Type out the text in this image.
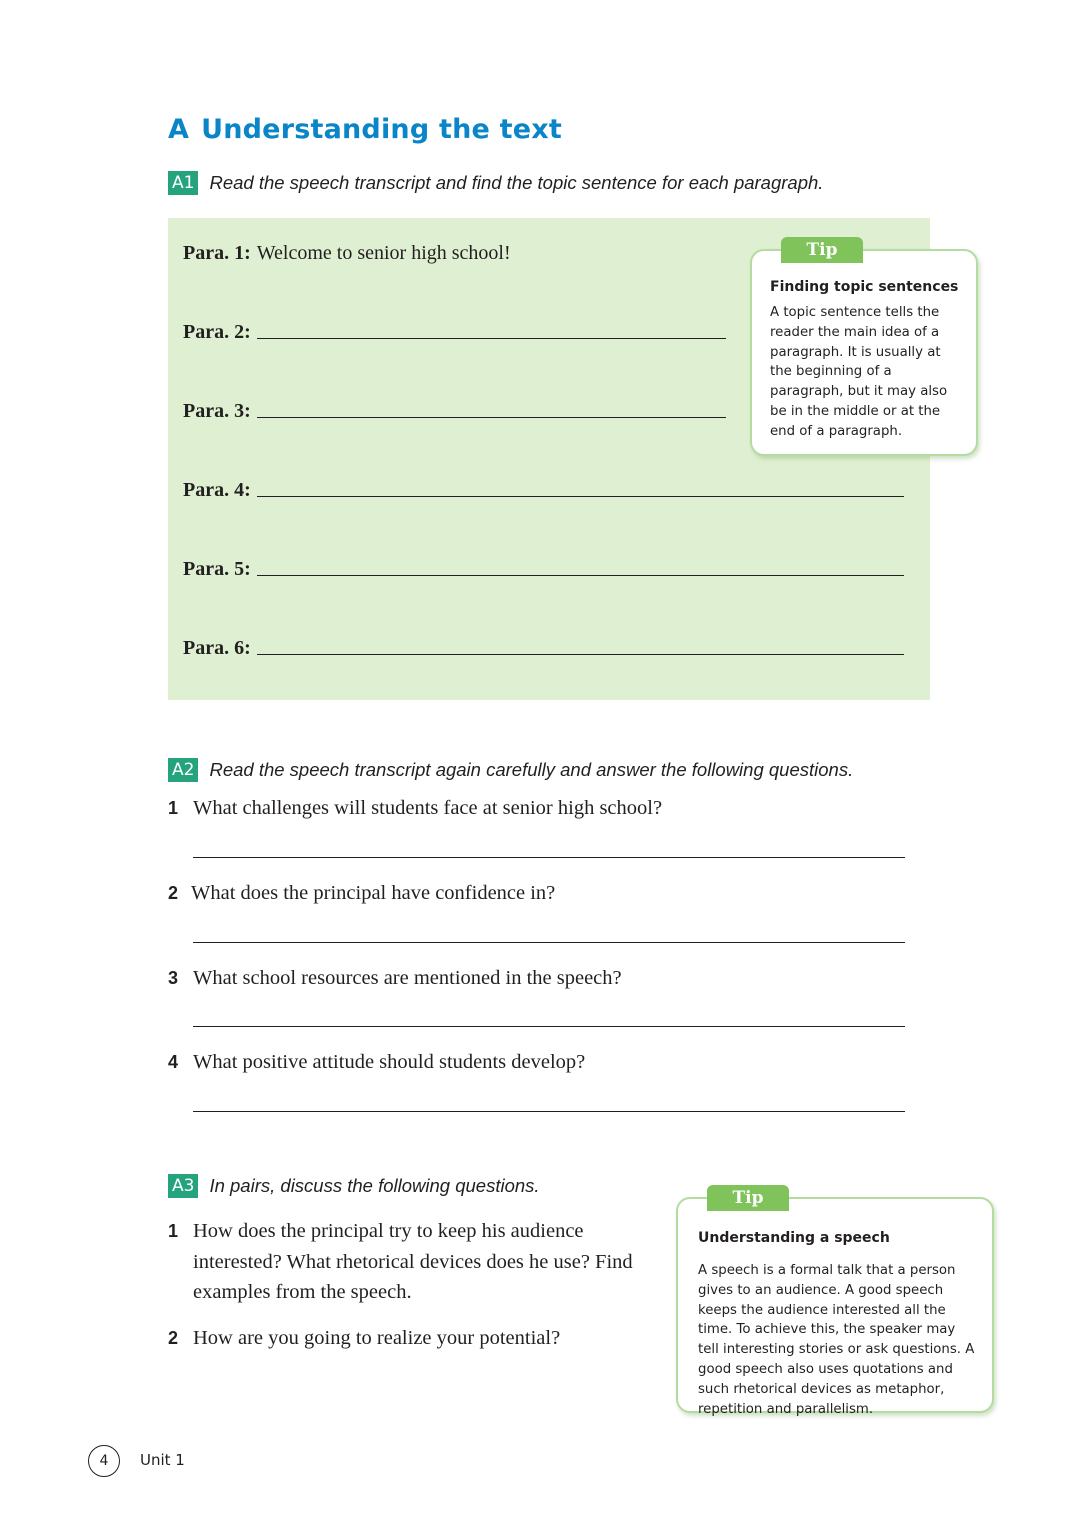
A Understanding the text
A1 Read the speech transcript and find the topic sentence for each paragraph.
Para. 1: Welcome to senior high school!
Para. 2:
Para. 3:
Para. 4:
Para. 5:
Para. 6:
Tip

Finding topic sentences

A topic sentence tells the reader the main idea of a paragraph. It is usually at the beginning of a paragraph, but it may also be in the middle or at the end of a paragraph.

A2 Read the speech transcript again carefully and answer the following questions.
1 What challenges will students face at senior high school?
2 What does the principal have confidence in?
3 What school resources are mentioned in the speech?
4 What positive attitude should students develop?
A3 In pairs, discuss the following questions.
1 How does the principal try to keep his audience interested? What rhetorical devices does he use? Find examples from the speech.
2 How are you going to realize your potential?
Tip

Understanding a speech

A speech is a formal talk that a person gives to an audience. A good speech keeps the audience interested all the time. To achieve this, the speaker may tell interesting stories or ask questions. A good speech also uses quotations and such rhetorical devices as metaphor, repetition and parallelism.

4	Unit 1
